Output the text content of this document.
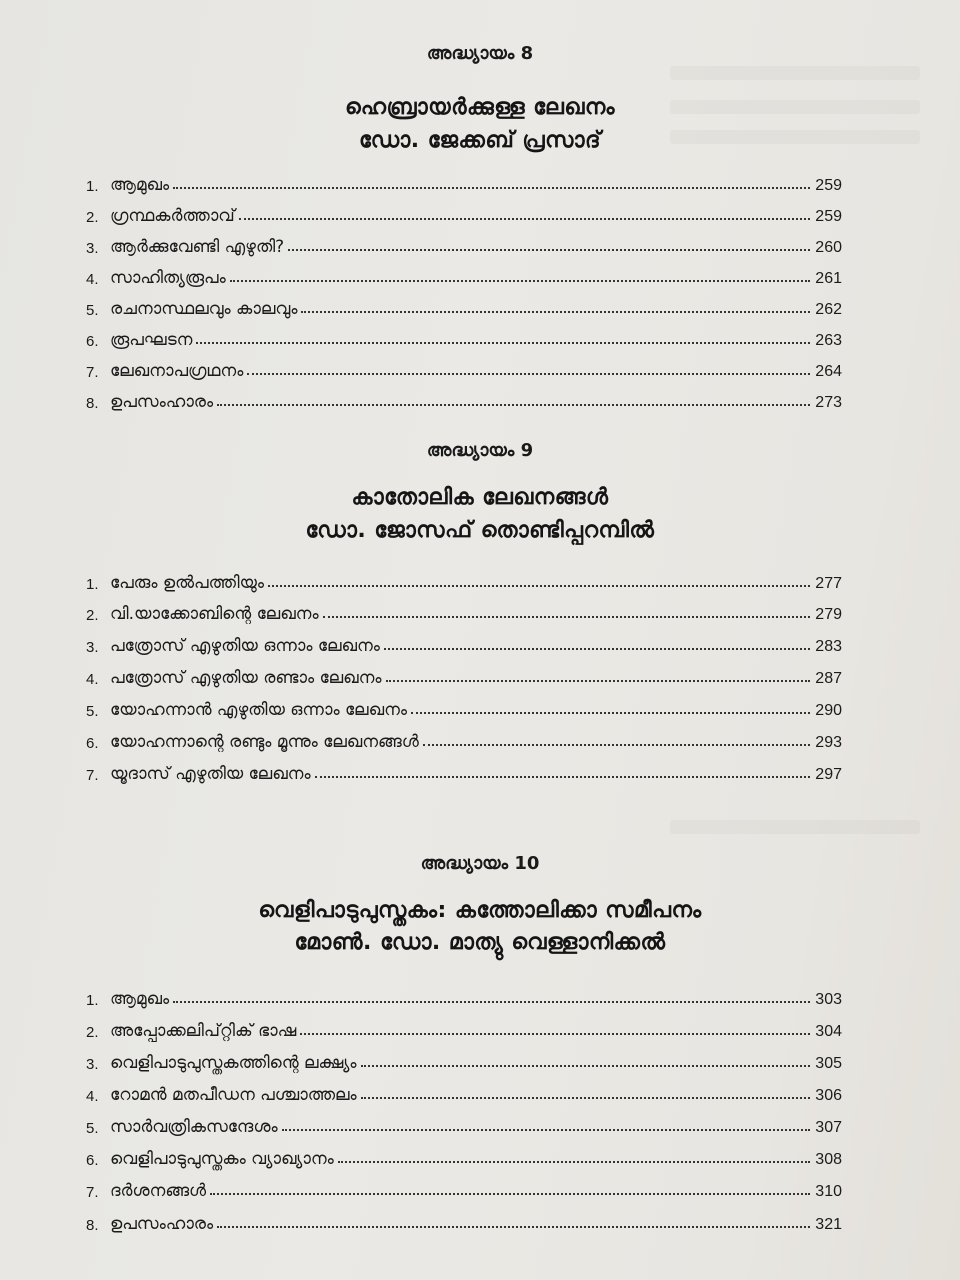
അദ്ധ്യായം 8
ഹെബ്രായർക്കുള്ള ലേഖനം
ഡോ. ജേക്കബ് പ്രസാദ്
1. ആമുഖം	259
2. ഗ്രന്ഥകർത്താവ്	259
3. ആർക്കുവേണ്ടി എഴുതി?	260
4. സാഹിത്യരൂപം	261
5. രചനാസ്ഥലവും കാലവും	262
6. രൂപഘടന	263
7. ലേഖനാപഗ്രഥനം	264
8. ഉപസംഹാരം	273
അദ്ധ്യായം 9
കാതോലിക ലേഖനങ്ങൾ
ഡോ. ജോസഫ് തൊണ്ടിപ്പറമ്പിൽ
1. പേരും ഉൽപത്തിയും	277
2. വി.യാക്കോബിന്റെ ലേഖനം	279
3. പത്രോസ് എഴുതിയ ഒന്നാം ലേഖനം	283
4. പത്രോസ് എഴുതിയ രണ്ടാം ലേഖനം	287
5. യോഹന്നാൻ എഴുതിയ ഒന്നാം ലേഖനം	290
6. യോഹന്നാന്റെ രണ്ടും മൂന്നും ലേഖനങ്ങൾ	293
7. യൂദാസ് എഴുതിയ ലേഖനം	297
അദ്ധ്യായം 10
വെളിപാടുപുസ്തകം: കത്തോലിക്കാ സമീപനം
മോൺ. ഡോ. മാത്യു വെള്ളാനിക്കൽ
1. ആമുഖം	303
2. അപ്പോക്കലിപ്റ്റിക് ഭാഷ	304
3. വെളിപാടുപുസ്തകത്തിന്റെ ലക്ഷ്യം	305
4. റോമൻ മതപീഡന പശ്ചാത്തലം	306
5. സാർവത്രികസന്ദേശം	307
6. വെളിപാടുപുസ്തകം വ്യാഖ്യാനം	308
7. ദർശനങ്ങൾ	310
8. ഉപസംഹാരം	321
